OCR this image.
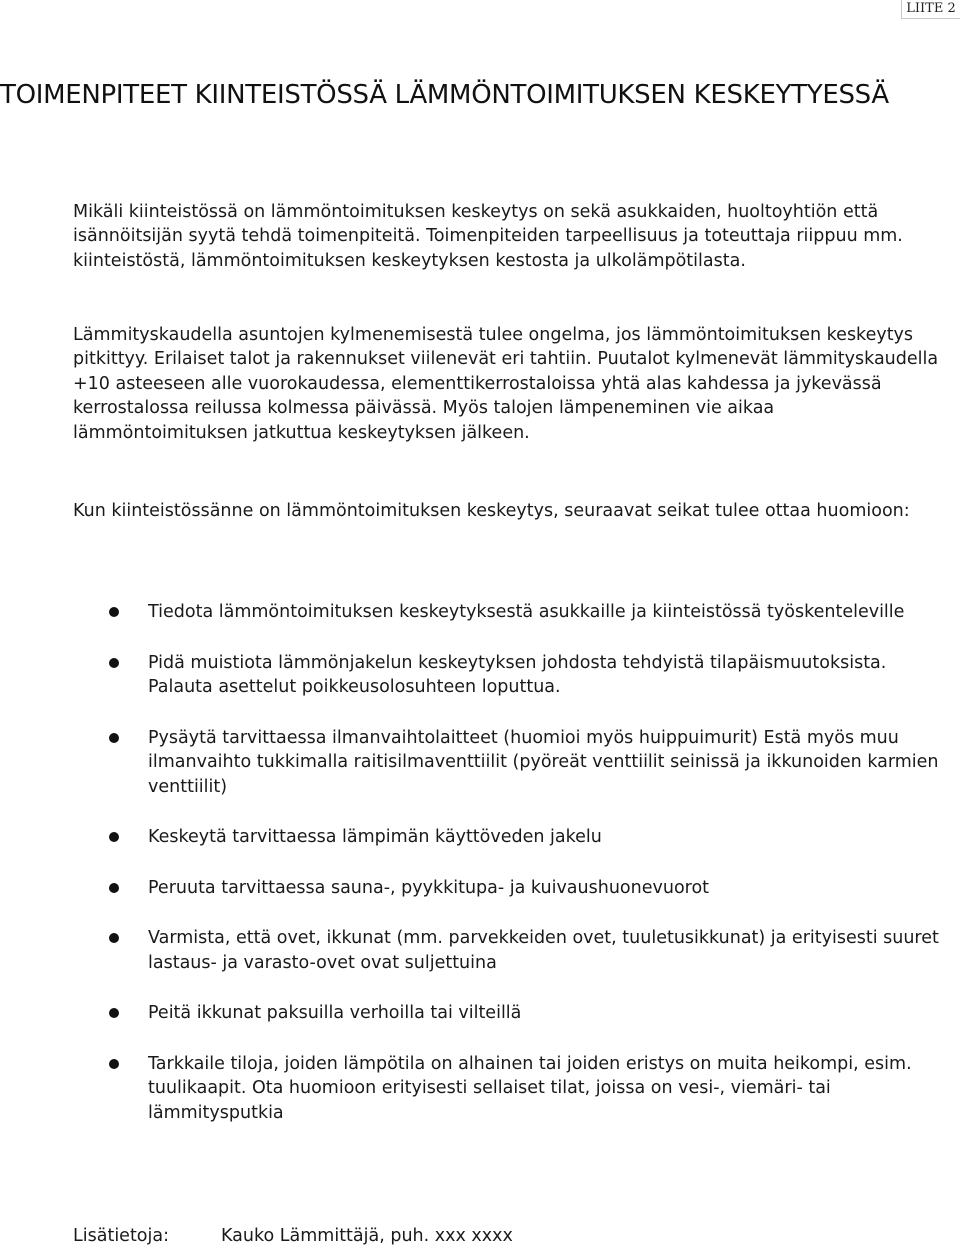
LIITE 2
TOIMENPITEET KIINTEISTÖSSÄ LÄMMÖNTOIMITUKSEN KESKEYTYESSÄ

Mikäli kiinteistössä on lämmöntoimituksen keskeytys on sekä asukkaiden, huoltoyhtiön että isännöitsijän syytä tehdä toimenpiteitä. Toimenpiteiden tarpeellisuus ja toteuttaja riippuu mm. kiinteistöstä, lämmöntoimituksen keskeytyksen kestosta ja ulkolämpötilasta.

Lämmityskaudella asuntojen kylmenemisestä tulee ongelma, jos lämmöntoimituksen keskeytys pitkittyy. Erilaiset talot ja rakennukset viilenevät eri tahtiin. Puutalot kylmenevät lämmityskaudella +10 asteeseen alle vuorokaudessa, elementtikerrostaloissa yhtä alas kahdessa ja jykevässä kerrostalossa reilussa kolmessa päivässä. Myös talojen lämpeneminen vie aikaa lämmöntoimituksen jatkuttua keskeytyksen jälkeen.

Kun kiinteistössänne on lämmöntoimituksen keskeytys, seuraavat seikat tulee ottaa huomioon:

Tiedota lämmöntoimituksen keskeytyksestä asukkaille ja kiinteistössä työskenteleville
Pidä muistiota lämmönjakelun keskeytyksen johdosta tehdyistä tilapäismuutoksista. Palauta asettelut poikkeusolosuhteen loputtua.
Pysäytä tarvittaessa ilmanvaihtolaitteet (huomioi myös huippuimurit) Estä myös muu ilmanvaihto tukkimalla raitisilmaventtiilit (pyöreät venttiilit seinissä ja ikkunoiden karmien venttiilit)
Keskeytä tarvittaessa lämpimän käyttöveden jakelu
Peruuta tarvittaessa sauna-, pyykkitupa- ja kuivaushuonevuorot
Varmista, että ovet, ikkunat (mm. parvekkeiden ovet, tuuletusikkunat) ja erityisesti suuret lastaus- ja varasto-ovet ovat suljettuina
Peitä ikkunat paksuilla verhoilla tai vilteillä
Tarkkaile tiloja, joiden lämpötila on alhainen tai joiden eristys on muita heikompi, esim. tuulikaapit. Ota huomioon erityisesti sellaiset tilat, joissa on vesi-, viemäri- tai lämmitysputkia
Lisätietoja:	Kauko Lämmittäjä, puh. xxx xxxx
